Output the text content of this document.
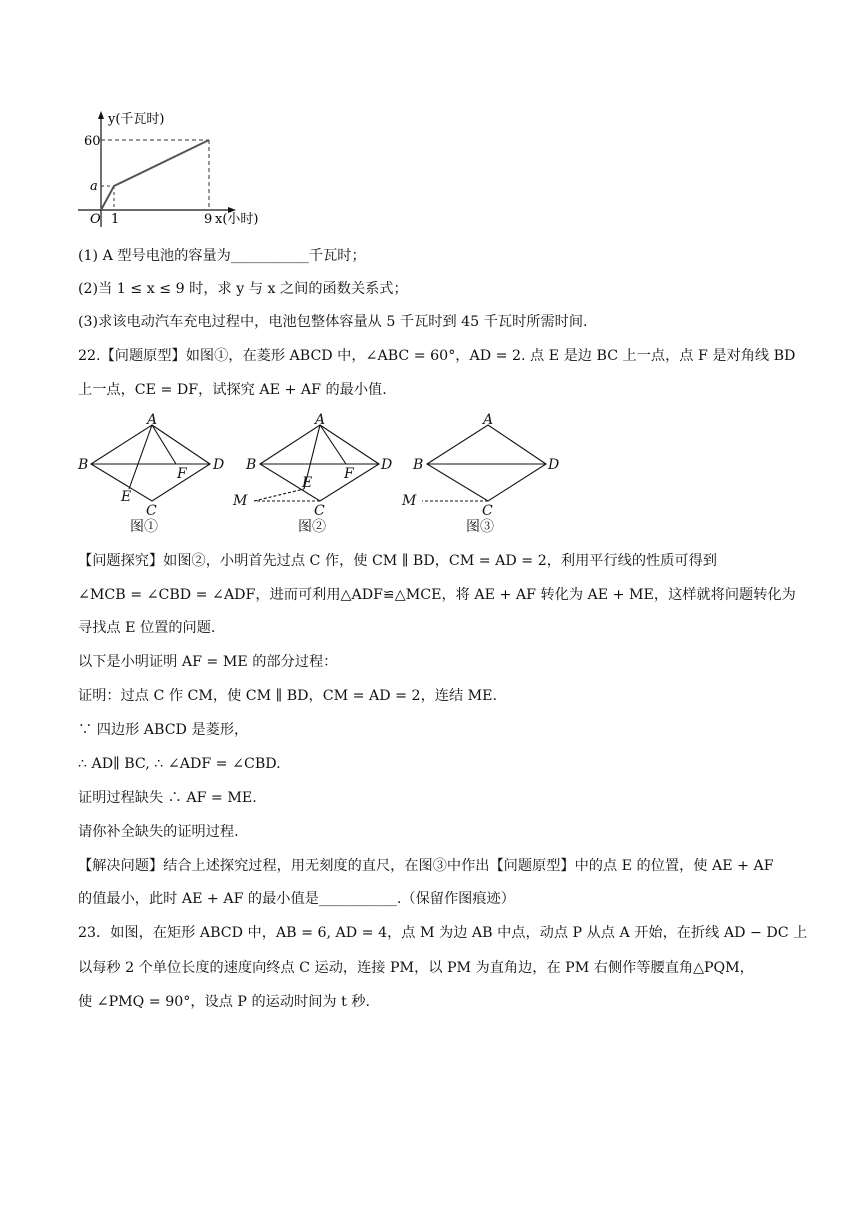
y(千瓦时)
60
a
O 1	9 x(小时)
(1) A 型号电池的容量为___________千瓦时；
(2)当 1 ≤ x ≤ 9 时，求 y 与 x 之间的函数关系式；
(3)求该电动汽车充电过程中，电池包整体容量从 5 千瓦时到 45 千瓦时所需时间.
22.【问题原型】如图①，在菱形 ABCD 中，∠ABC = 60°，AD = 2. 点 E 是边 BC 上一点，点 F 是对角线 BD
上一点，CE = DF，试探究 AE + AF 的最小值.
A
B	D
F
E
C
A
B	D
F
E
M
C
A
B	D
M
C
图①	图②	图③
【问题探究】如图②，小明首先过点 C 作，使 CM ∥ BD，CM = AD = 2，利用平行线的性质可得到
∠MCB = ∠CBD = ∠ADF，进而可利用△ADF≌△MCE，将 AE + AF 转化为 AE + ME，这样就将问题转化为
寻找点 E 位置的问题.
以下是小明证明 AF = ME 的部分过程：
证明：过点 C 作 CM，使 CM ∥ BD，CM = AD = 2，连结 ME.
∵ 四边形 ABCD 是菱形，
∴ AD∥ BC, ∴ ∠ADF = ∠CBD.
证明过程缺失 ∴ AF = ME.
请你补全缺失的证明过程.
【解决问题】结合上述探究过程，用无刻度的直尺，在图③中作出【问题原型】中的点 E 的位置，使 AE + AF
的值最小，此时 AE + AF 的最小值是___________.（保留作图痕迹）
23．如图，在矩形 ABCD 中，AB = 6, AD = 4，点 M 为边 AB 中点，动点 P 从点 A 开始，在折线 AD − DC 上
以每秒 2 个单位长度的速度向终点 C 运动，连接 PM，以 PM 为直角边，在 PM 右侧作等腰直角△PQM，
使 ∠PMQ = 90°，设点 P 的运动时间为 t 秒.
